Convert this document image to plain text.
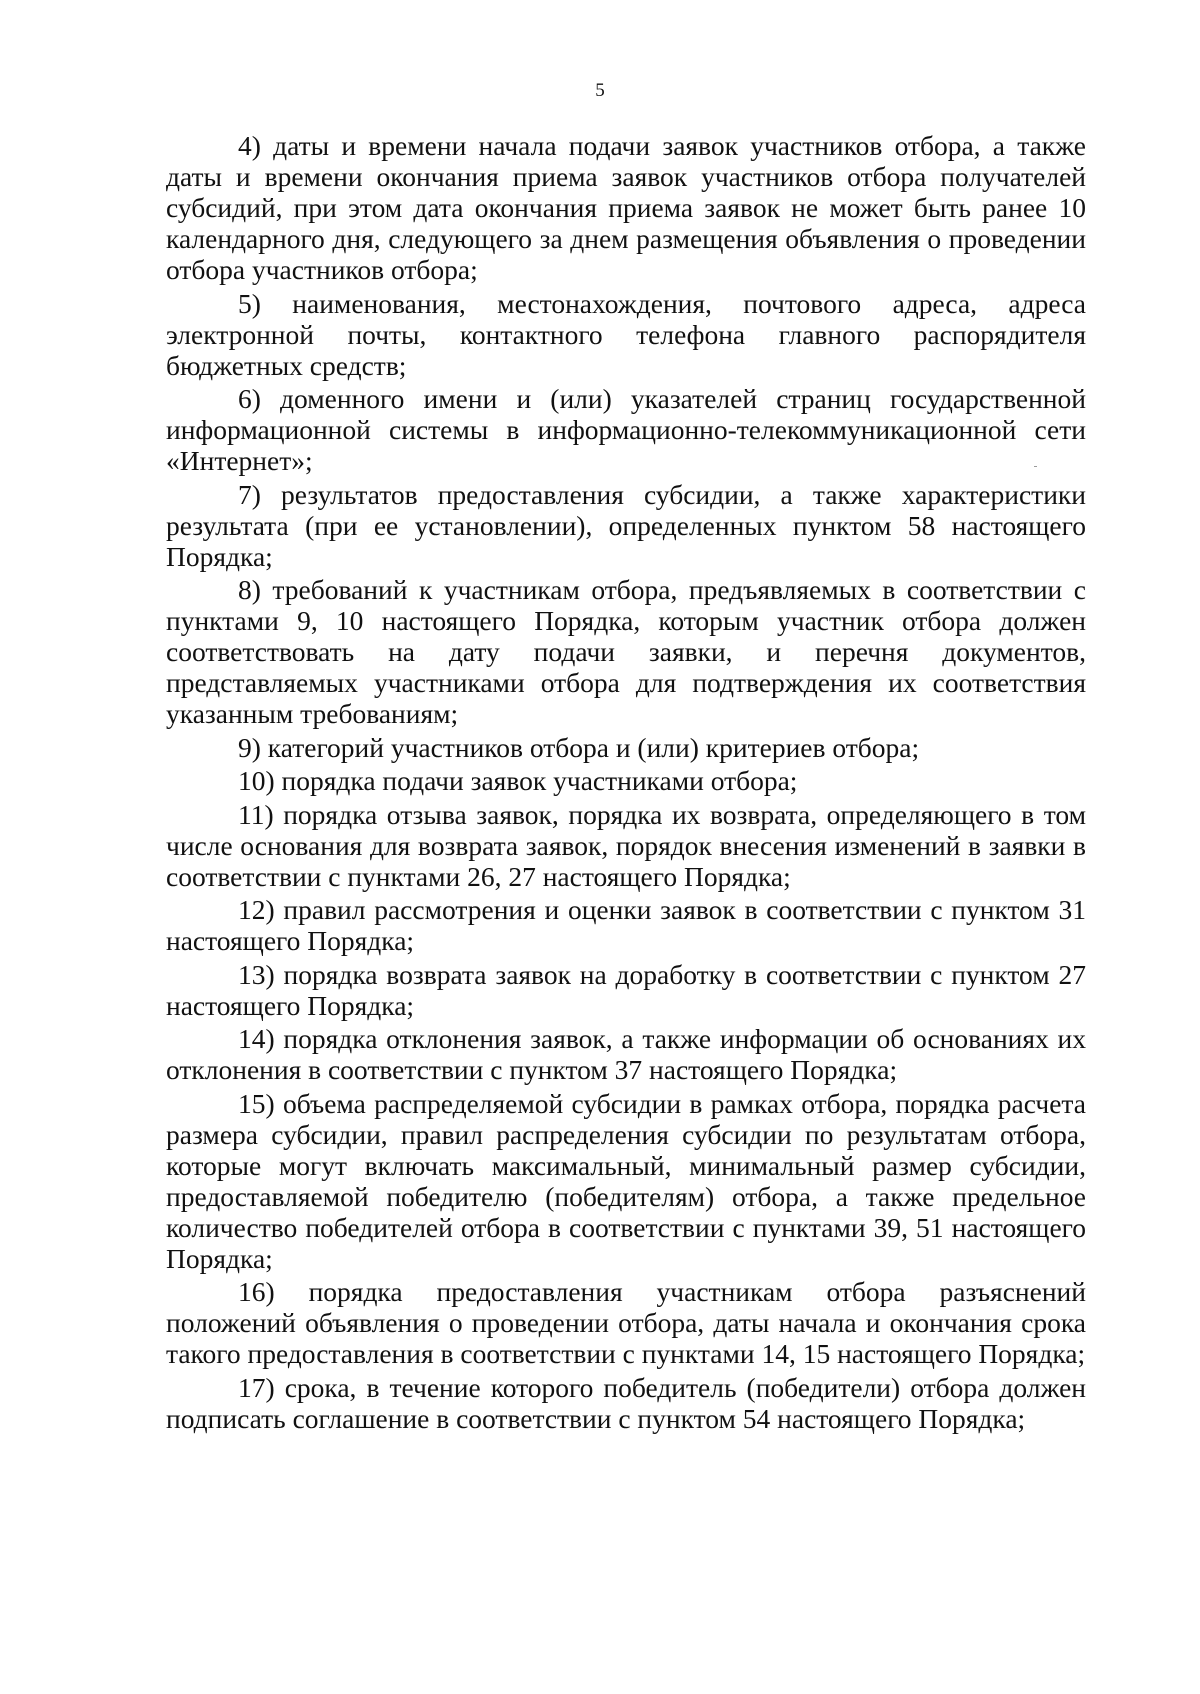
5

4) даты и времени начала подачи заявок участников отбора, а также даты и времени окончания приема заявок участников отбора получателей субсидий, при этом дата окончания приема заявок не может быть ранее 10 календарного дня, следующего за днем размещения объявления о проведении отбора участников отбора;

5) наименования, местонахождения, почтового адреса, адреса электронной почты, контактного телефона главного распорядителя бюджетных средств;

6) доменного имени и (или) указателей страниц государственной информационной системы в информационно-телекоммуникационной сети «Интернет»;

7) результатов предоставления субсидии, а также характеристики результата (при ее установлении), определенных пунктом 58 настоящего Порядка;

8) требований к участникам отбора, предъявляемых в соответствии с пунктами 9, 10 настоящего Порядка, которым участник отбора должен соответствовать на дату подачи заявки, и перечня документов, представляемых участниками отбора для подтверждения их соответствия указанным требованиям;

9) категорий участников отбора и (или) критериев отбора;

10) порядка подачи заявок участниками отбора;

11) порядка отзыва заявок, порядка их возврата, определяющего в том числе основания для возврата заявок, порядок внесения изменений в заявки в соответствии с пунктами 26, 27 настоящего Порядка;

12) правил рассмотрения и оценки заявок в соответствии с пунктом 31 настоящего Порядка;

13) порядка возврата заявок на доработку в соответствии с пунктом 27 настоящего Порядка;

14) порядка отклонения заявок, а также информации об основаниях их отклонения в соответствии с пунктом 37 настоящего Порядка;

15) объема распределяемой субсидии в рамках отбора, порядка расчета размера субсидии, правил распределения субсидии по результатам отбора, которые могут включать максимальный, минимальный размер субсидии, предоставляемой победителю (победителям) отбора, а также предельное количество победителей отбора в соответствии с пунктами 39, 51 настоящего Порядка;

16) порядка предоставления участникам отбора разъяснений положений объявления о проведении отбора, даты начала и окончания срока такого предоставления в соответствии с пунктами 14, 15 настоящего Порядка;

17) срока, в течение которого победитель (победители) отбора должен подписать соглашение в соответствии с пунктом 54 настоящего Порядка;
